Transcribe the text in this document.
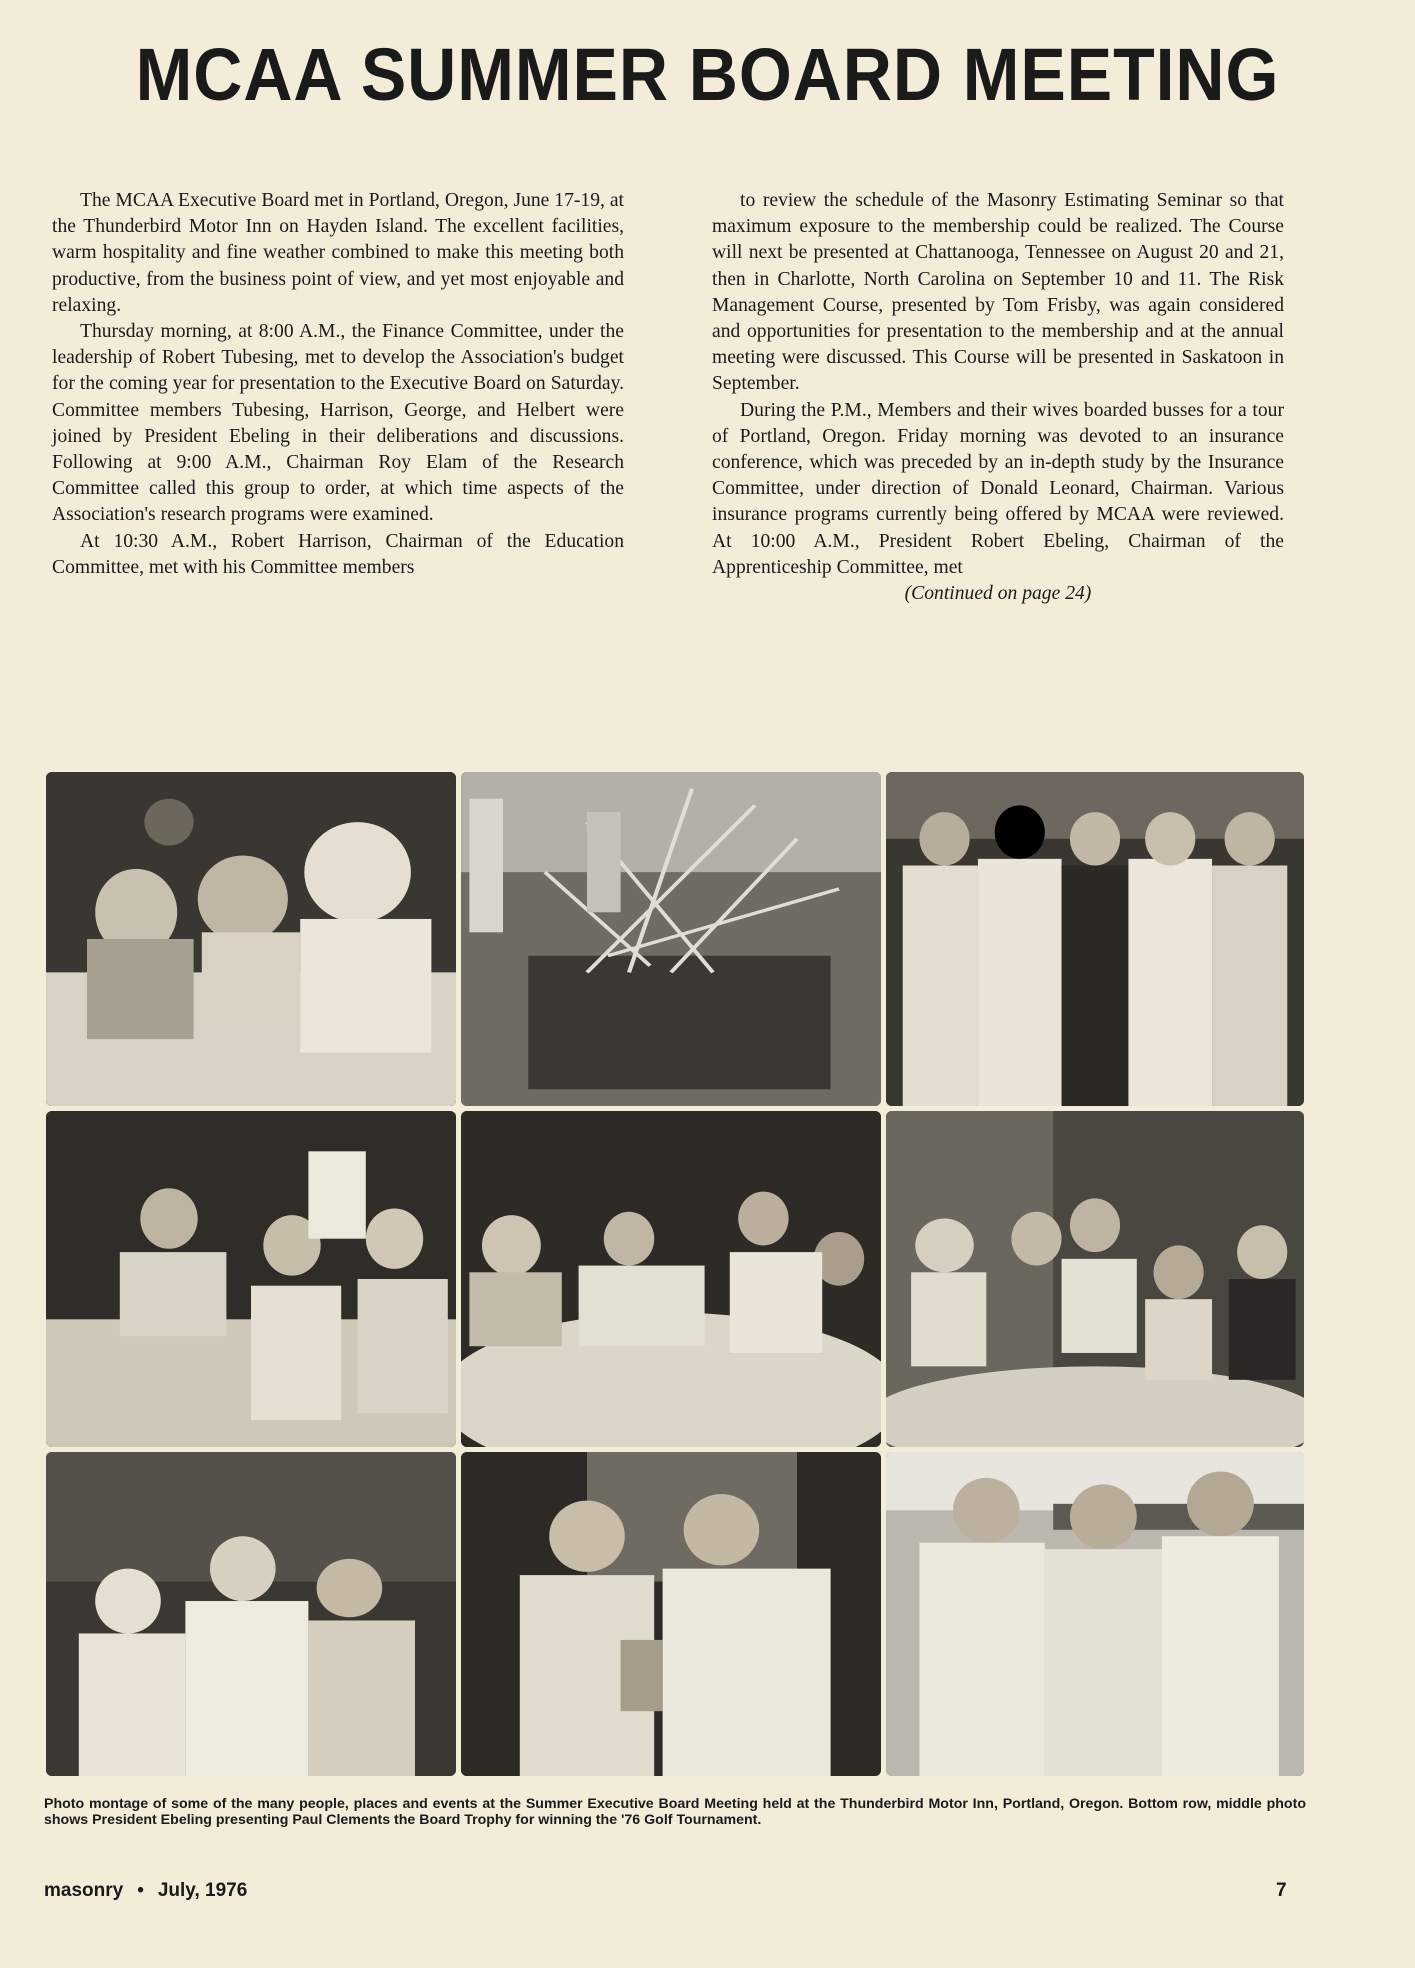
MCAA SUMMER BOARD MEETING

The MCAA Executive Board met in Portland, Oregon, June 17-19, at the Thunderbird Motor Inn on Hayden Island. The excellent facilities, warm hospitality and fine weather combined to make this meeting both productive, from the business point of view, and yet most enjoyable and relaxing.

Thursday morning, at 8:00 A.M., the Finance Committee, under the leadership of Robert Tubesing, met to develop the Association's budget for the coming year for presentation to the Executive Board on Saturday. Committee members Tubesing, Harrison, George, and Helbert were joined by President Ebeling in their deliberations and discussions. Following at 9:00 A.M., Chairman Roy Elam of the Research Committee called this group to order, at which time aspects of the Association's research programs were examined.

At 10:30 A.M., Robert Harrison, Chairman of the Education Committee, met with his Committee members

to review the schedule of the Masonry Estimating Seminar so that maximum exposure to the membership could be realized. The Course will next be presented at Chattanooga, Tennessee on August 20 and 21, then in Charlotte, North Carolina on September 10 and 11. The Risk Management Course, presented by Tom Frisby, was again considered and opportunities for presentation to the membership and at the annual meeting were discussed. This Course will be presented in Saskatoon in September.

During the P.M., Members and their wives boarded busses for a tour of Portland, Oregon. Friday morning was devoted to an insurance conference, which was preceded by an in-depth study by the Insurance Committee, under direction of Donald Leonard, Chairman. Various insurance programs currently being offered by MCAA were reviewed. At 10:00 A.M., President Robert Ebeling, Chairman of the Apprenticeship Committee, met

(Continued on page 24)

Photo montage of some of the many people, places and events at the Summer Executive Board Meeting held at the Thunderbird Motor Inn, Portland, Oregon. Bottom row, middle photo shows President Ebeling presenting Paul Clements the Board Trophy for winning the '76 Golf Tournament.
masonry • July, 1976	7
